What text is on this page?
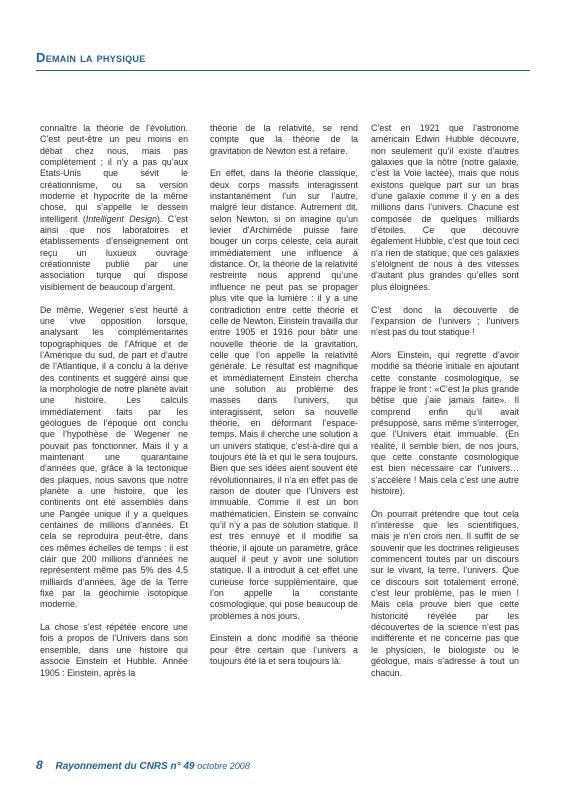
Demain la physique

connaître la théorie de l’évolution. C’est peut-être un peu moins en débat chez nous, mais pas complètement ; il n’y a pas qu’aux Etats-Unis que sévit le créationnisme, ou sa version moderne et hypocrite de la même chose, qui s’appelle le dessein intelligent (Intelligent Design). C’est ainsi que nos laboratoires et établissements d’enseignement ont reçu un luxueux ouvrage créationniste publié par une association turque qui dispose visiblement de beaucoup d’argent.

De même, Wegener s’est heurté à une vive opposition lorsque, analysant les complémentarités topographiques de l’Afrique et de l’Amérique du sud, de part et d’autre de l’Atlantique, il a conclu à la dérive des continents et suggéré ainsi que la morphologie de notre planète avait une histoire. Les calculs immédiatement faits par les géologues de l’époque ont conclu que l’hypothèse de Wegener ne pouvait pas fonctionner. Mais il y a maintenant une quarantaine d’années que, grâce à la tectonique des plaques, nous savons que notre planète a une histoire, que les continents ont été assemblés dans une Pangée unique il y a quelques centaines de millions d’années. Et cela se reproduira peut-être, dans ces mêmes échelles de temps : il est clair que 200 millions d’années ne représentent même pas 5% des 4,5 milliards d’années, âge de la Terre fixé par la géochimie isotopique moderne.

La chose s’est répétée encore une fois à propos de l’Univers dans son ensemble, dans une histoire qui associe Einstein et Hubble. Année 1905 : Einstein, après la

théorie de la relativité, se rend compte que la théorie de la gravitation de Newton est à refaire.

En effet, dans la théorie classique, deux corps massifs interagissent instantanément l’un sur l’autre, malgré leur distance. Autrement dit, selon Newton, si on imagine qu’un levier d’Archimède puisse faire bouger un corps céleste, cela aurait immédiatement une influence à distance. Or, la théorie de la relativité restreinte nous apprend qu’une influence ne peut pas se propager plus vite que la lumière : il y a une contradiction entre cette théorie et celle de Newton. Einstein travailla dur entre 1905 et 1916 pour bâtir une nouvelle théorie de la gravitation, celle que l’on appelle la relativité générale. Le résultat est magnifique et immédiatement Einstein chercha une solution au problème des masses dans l’univers, qui interagissent, selon sa nouvelle théorie, en déformant l’espace-temps. Mais il cherche une solution à un univers statique, c’est-à-dire qui a toujours été là et qui le sera toujours. Bien que ses idées aient souvent été révolutionnaires, il n’a en effet pas de raison de douter que l’Univers est immuable. Comme il est un bon mathématicien, Einstein se convainc qu’il n’y a pas de solution statique. Il est très ennuyé et il modifie sa théorie, il ajoute un paramètre, grâce auquel il peut y avoir une solution statique. Il a introduit à cet effet une curieuse force supplémentaire, que l’on appelle la constante cosmologique, qui pose beaucoup de problèmes à nos jours.

Einstein a donc modifié sa théorie pour être certain que l’univers a toujours été là et sera toujours là.

C’est en 1921 que l’astronome américain Edwin Hubble découvre, non seulement qu’il existe d’autres galaxies que la nôtre (notre galaxie, c’est la Voie lactée), mais que nous existons quelque part sur un bras d’une galaxie comme il y en a des millions dans l’univers. Chacune est composée de quelques milliards d’étoiles. Ce que découvre également Hubble, c’est que tout ceci n’a rien de statique, que ces galaxies s’éloignent de nous à des vitesses d’autant plus grandes qu’elles sont plus éloignées.

C’est donc la découverte de l’expansion de l’univers ; l’univers n’est pas du tout statique !

Alors Einstein, qui regrette d’avoir modifié sa théorie initiale en ajoutant cette constante cosmologique, se frappe le front : «C’est la plus grande bêtise que j’aie jamais faite». Il comprend enfin qu’il avait présupposé, sans même s’interroger, que l’Univers était immuable. (En réalité, il semble bien, de nos jours, que cette constante cosmologique est bien nécessaire car l’univers… s’accélère ! Mais cela c’est une autre histoire).

On pourrait prétendre que tout cela n’intéresse que les scientifiques, mais je n’en crois rien. Il suffit de se souvenir que les doctrines religieuses commencent toutes par un discours sur le vivant, la terre, l’univers. Que ce discours soit totalement erroné, c’est leur problème, pas le mien ! Mais cela prouve bien que cette historicité révélée par les découvertes de la science n’est pas indifférente et ne concerne pas que le physicien, le biologiste ou le géologue, mais s’adresse à tout un chacun.

8 Rayonnement du CNRS n° 49 octobre 2008
